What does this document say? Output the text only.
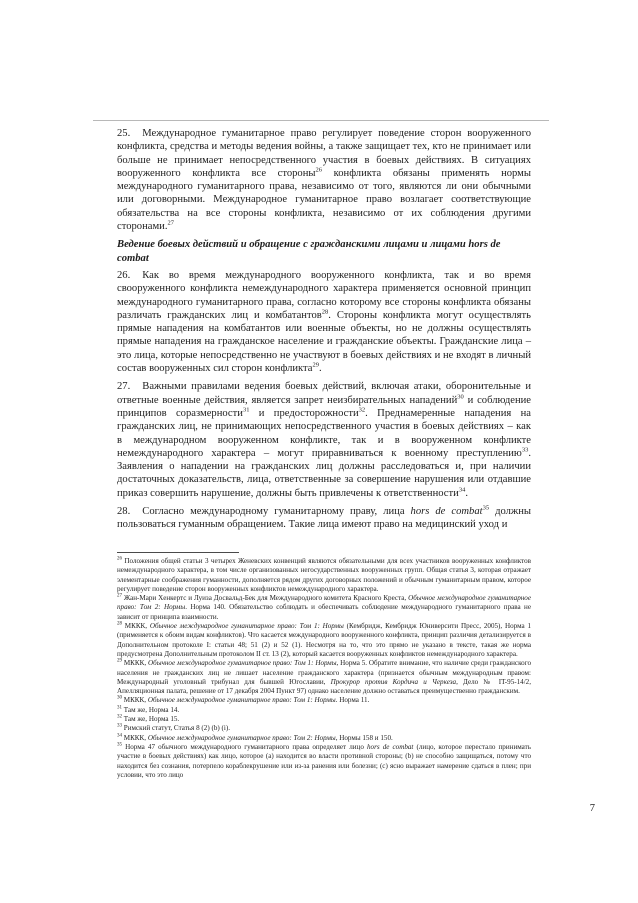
25. Международное гуманитарное право регулирует поведение сторон вооруженного конфликта, средства и методы ведения войны, а также защищает тех, кто не принимает или больше не принимает непосредственного участия в боевых действиях. В ситуациях вооруженного конфликта все стороны$^{26}$ конфликта обязаны применять нормы международного гуманитарного права, независимо от того, являются ли они обычными или договорными. Международное гуманитарное право возлагает соответствующие обязательства на все стороны конфликта, независимо от их соблюдения другими сторонами.$^{27}$

Ведение боевых действий и обращение с гражданскими лицами и лицами hors de combat

26. Как во время международного вооруженного конфликта, так и во время свооруженного конфликта немеждународного характера применяется основной принцип международного гуманитарного права, согласно которому все стороны конфликта обязаны различать гражданских лиц и комбатантов$^{28}$. Стороны конфликта могут осуществлять прямые нападения на комбатантов или военные объекты, но не должны осуществлять прямые нападения на гражданское население и гражданские объекты. Гражданские лица – это лица, которые непосредственно не участвуют в боевых действиях и не входят в личный состав вооруженных сил сторон конфликта$^{29}$.

27. Важными правилами ведения боевых действий, включая атаки, оборонительные и ответные военные действия, является запрет неизбирательных нападений$^{30}$ и соблюдение принципов соразмерности$^{31}$ и предосторожности$^{32}$. Преднамеренные нападения на гражданских лиц, не принимающих непосредственного участия в боевых действиях – как в международном вооруженном конфликте, так и в вооруженном конфликте немеждународного характера – могут приравниваться к военному преступлению$^{33}$. Заявления о нападении на гражданских лиц должны расследоваться и, при наличии достаточных доказательств, лица, ответственные за совершение нарушения или отдавшие приказ совершить нарушение, должны быть привлечены к ответственности$^{34}$.

28. Согласно международному гуманитарному праву, лица hors de combat$^{35}$ должны пользоваться гуманным обращением. Такие лица имеют право на медицинский уход и

$^{26}$ Положения общей статьи 3 четырех Женевских конвенций являются обязательными для всех участников вооруженных конфликтов немеждународного характера, в том числе организованных негосударственных вооруженных групп. Общая статья 3, которая отражает элементарные соображения гуманности, дополняется рядом других договорных положений и обычным гуманитарным правом, которое регулирует поведение сторон вооруженных конфликтов немеждународного характера.

$^{27}$ Жан-Мари Хенкертс и Луиза Досвальд-Бек для Международного комитета Красного Креста, Обычное международное гуманитарное право: Том 2: Нормы. Норма 140. Обязательство соблюдать и обеспечивать соблюдение международного гуманитарного права не зависит от принципа взаимности.

$^{28}$ МККК, Обычное международное гуманитарное право: Том 1: Нормы (Кембридж, Кембридж Юниверсити Пресс, 2005), Норма 1 (применяется к обоим видам конфликтов). Что касается международного вооруженного конфликта, принцип различия детализируется в Дополнительном протоколе I: статьи 48; 51 (2) и 52 (1). Несмотря на то, что это прямо не указано в тексте, такая же норма предусмотрена Дополнительным протоколом II ст. 13 (2), который касается вооруженных конфликтов немеждународного характера.

$^{29}$ МККК, Обычное международное гуманитарное право: Том 1: Нормы, Норма 5. Обратите внимание, что наличие среди гражданского населения не гражданских лиц не лишает население гражданского характера (признается обычным международным правом: Международный уголовный трибунал для бывшей Югославии, Прокурор против Кордича и Черкеза, Дело № IT-95-14/2, Апелляционная палата, решение от 17 декабря 2004 Пункт 97) однако население должно оставаться преимущественно гражданским.

$^{30}$ МККК, Обычное международное гуманитарное право: Том 1: Нормы. Норма 11.

$^{31}$ Там же, Норма 14.

$^{32}$ Там же, Норма 15.

$^{33}$ Римский статут, Статья 8 (2) (b) (i).

$^{34}$ МККК, Обычное международное гуманитарное право: Том 2: Нормы, Нормы 158 и 150.

$^{35}$ Норма 47 обычного международного гуманитарного права определяет лицо hors de combat (лицо, которое перестало принимать участие в боевых действиях) как лицо, которое (a) находится во власти противной стороны; (b) не способно защищаться, потому что находится без сознания, потерпело кораблекрушение или из-за ранения или болезни; (c) ясно выражает намерение сдаться в плен; при условии, что это лицо

7
